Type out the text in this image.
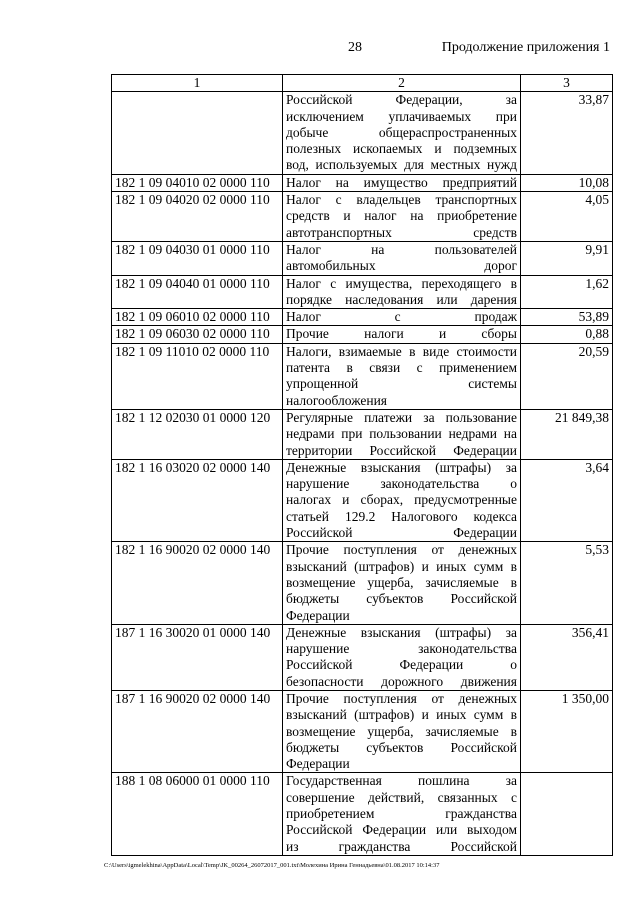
28	Продолжение приложения 1
1	2	3

	Российской Федерации, за
исключением уплачиваемых при
добыче общераспространенных
полезных ископаемых и подземных
вод, используемых для местных нужд	33,87
182 1 09 04010 02 0000 110	Налог на имущество предприятий	10,08
182 1 09 04020 02 0000 110	Налог с владельцев транспортных
средств и налог на приобретение
автотранспортных средств	4,05
182 1 09 04030 01 0000 110	Налог на пользователей
автомобильных дорог	9,91
182 1 09 04040 01 0000 110	Налог с имущества, переходящего в
порядке наследования или дарения	1,62
182 1 09 06010 02 0000 110	Налог с продаж	53,89
182 1 09 06030 02 0000 110	Прочие налоги и сборы	0,88
182 1 09 11010 02 0000 110	Налоги, взимаемые в виде стоимости
патента в связи с применением
упрощенной системы
налогообложения	20,59
182 1 12 02030 01 0000 120	Регулярные платежи за пользование
недрами при пользовании недрами на
территории Российской Федерации	21 849,38
182 1 16 03020 02 0000 140	Денежные взыскания (штрафы) за
нарушение законодательства о
налогах и сборах, предусмотренные
статьей 129.2 Налогового кодекса
Российской Федерации	3,64
182 1 16 90020 02 0000 140	Прочие поступления от денежных
взысканий (штрафов) и иных сумм в
возмещение ущерба, зачисляемые в
бюджеты субъектов Российской
Федерации	5,53
187 1 16 30020 01 0000 140	Денежные взыскания (штрафы) за
нарушение законодательства
Российской Федерации о
безопасности дорожного движения	356,41
187 1 16 90020 02 0000 140	Прочие поступления от денежных
взысканий (штрафов) и иных сумм в
возмещение ущерба, зачисляемые в
бюджеты субъектов Российской
Федерации	1 350,00
188 1 08 06000 01 0000 110	Государственная пошлина за
совершение действий, связанных с
приобретением гражданства
Российской Федерации или выходом
из гражданства Российской	

C:\Users\igmelekhina\AppData\Local\Temp\JK_00264_26072017_001.txt\Молехина Ирина Геннадьевна\01.08.2017 10:14:37
